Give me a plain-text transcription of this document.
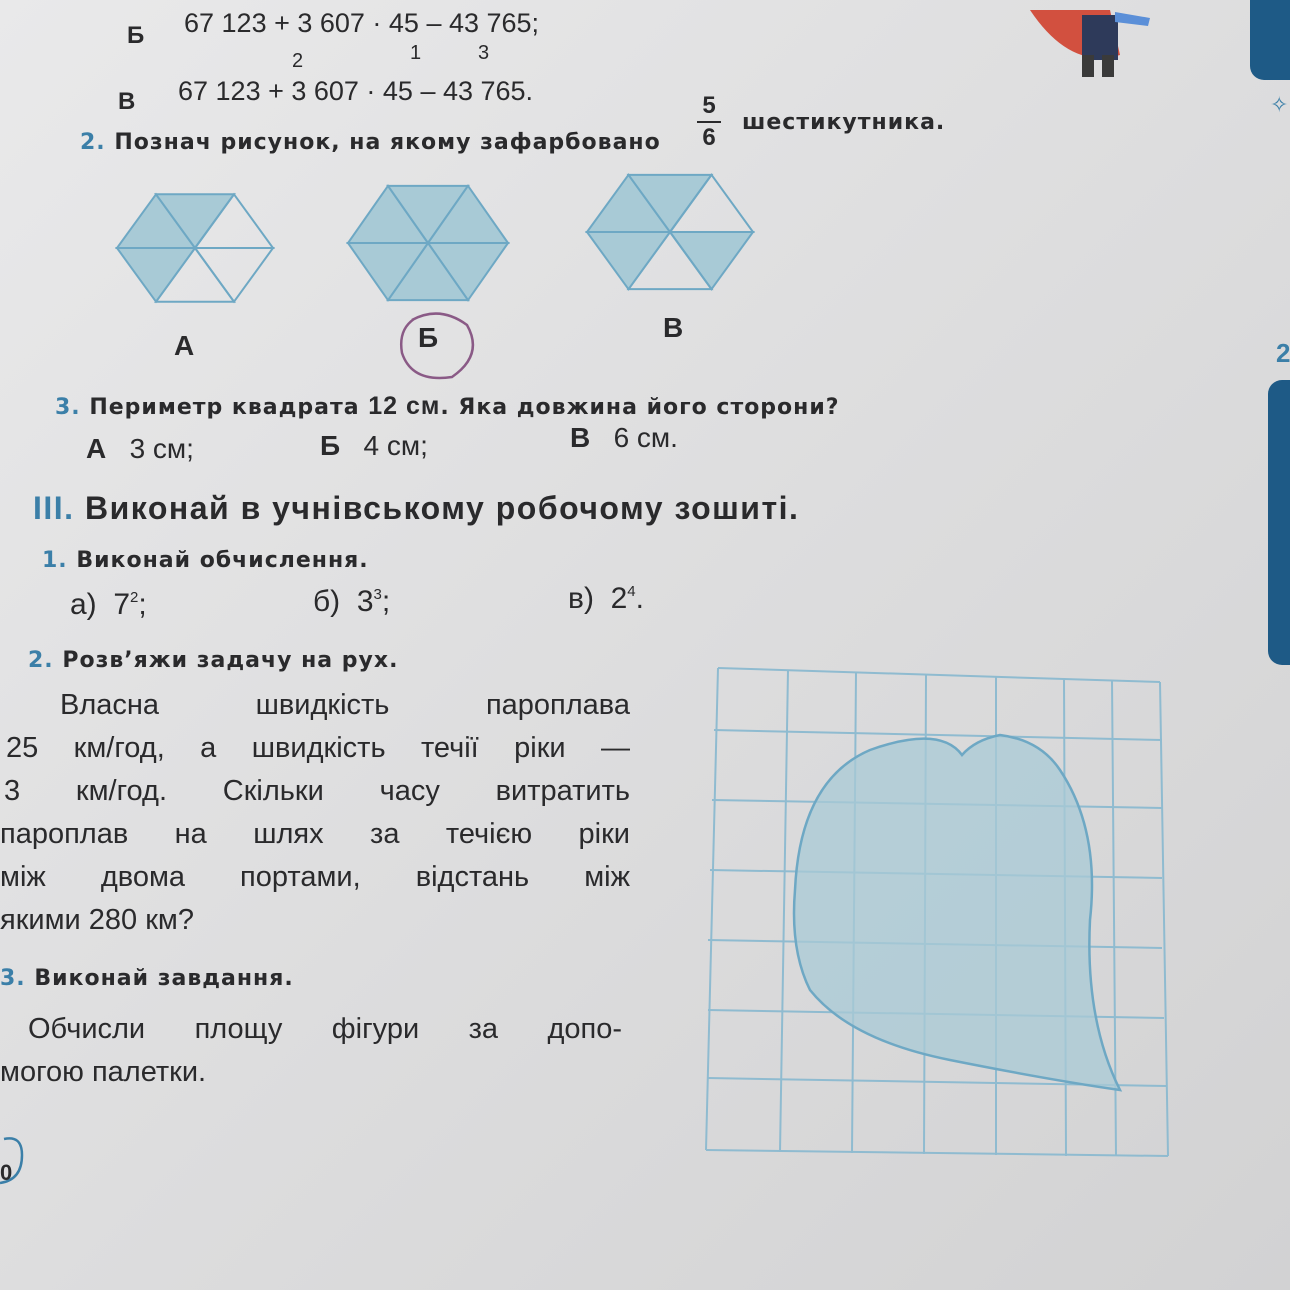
✧
2
Б 67 123 + 3 607 · 45 – 43 765;
2	1	3
В 67 123 + 3 607 · 45 – 43 765.
2. Познач рисунок, на якому зафарбовано
5
6
шестикутника.
А	Б	В
3. Периметр квадрата 12 см. Яка довжина його сторони?
А 3 см;	Б 4 см;	В 6 см.
III. Виконай в учнівському робочому зошиті.
1. Виконай обчислення.
а) $7^2$;	б) $3^3$;	в) $2^4$.
2. Розв’яжи задачу на рух.
Власна швидкість пароплава
25 км/год, а швидкість течії ріки —
3 км/год. Скільки часу витратить
пароплав на шлях за течією ріки
між двома портами, відстань між
якими 280 км?
3. Виконай завдання.
Обчисли площу фігури за допо-
могою палетки.
0
